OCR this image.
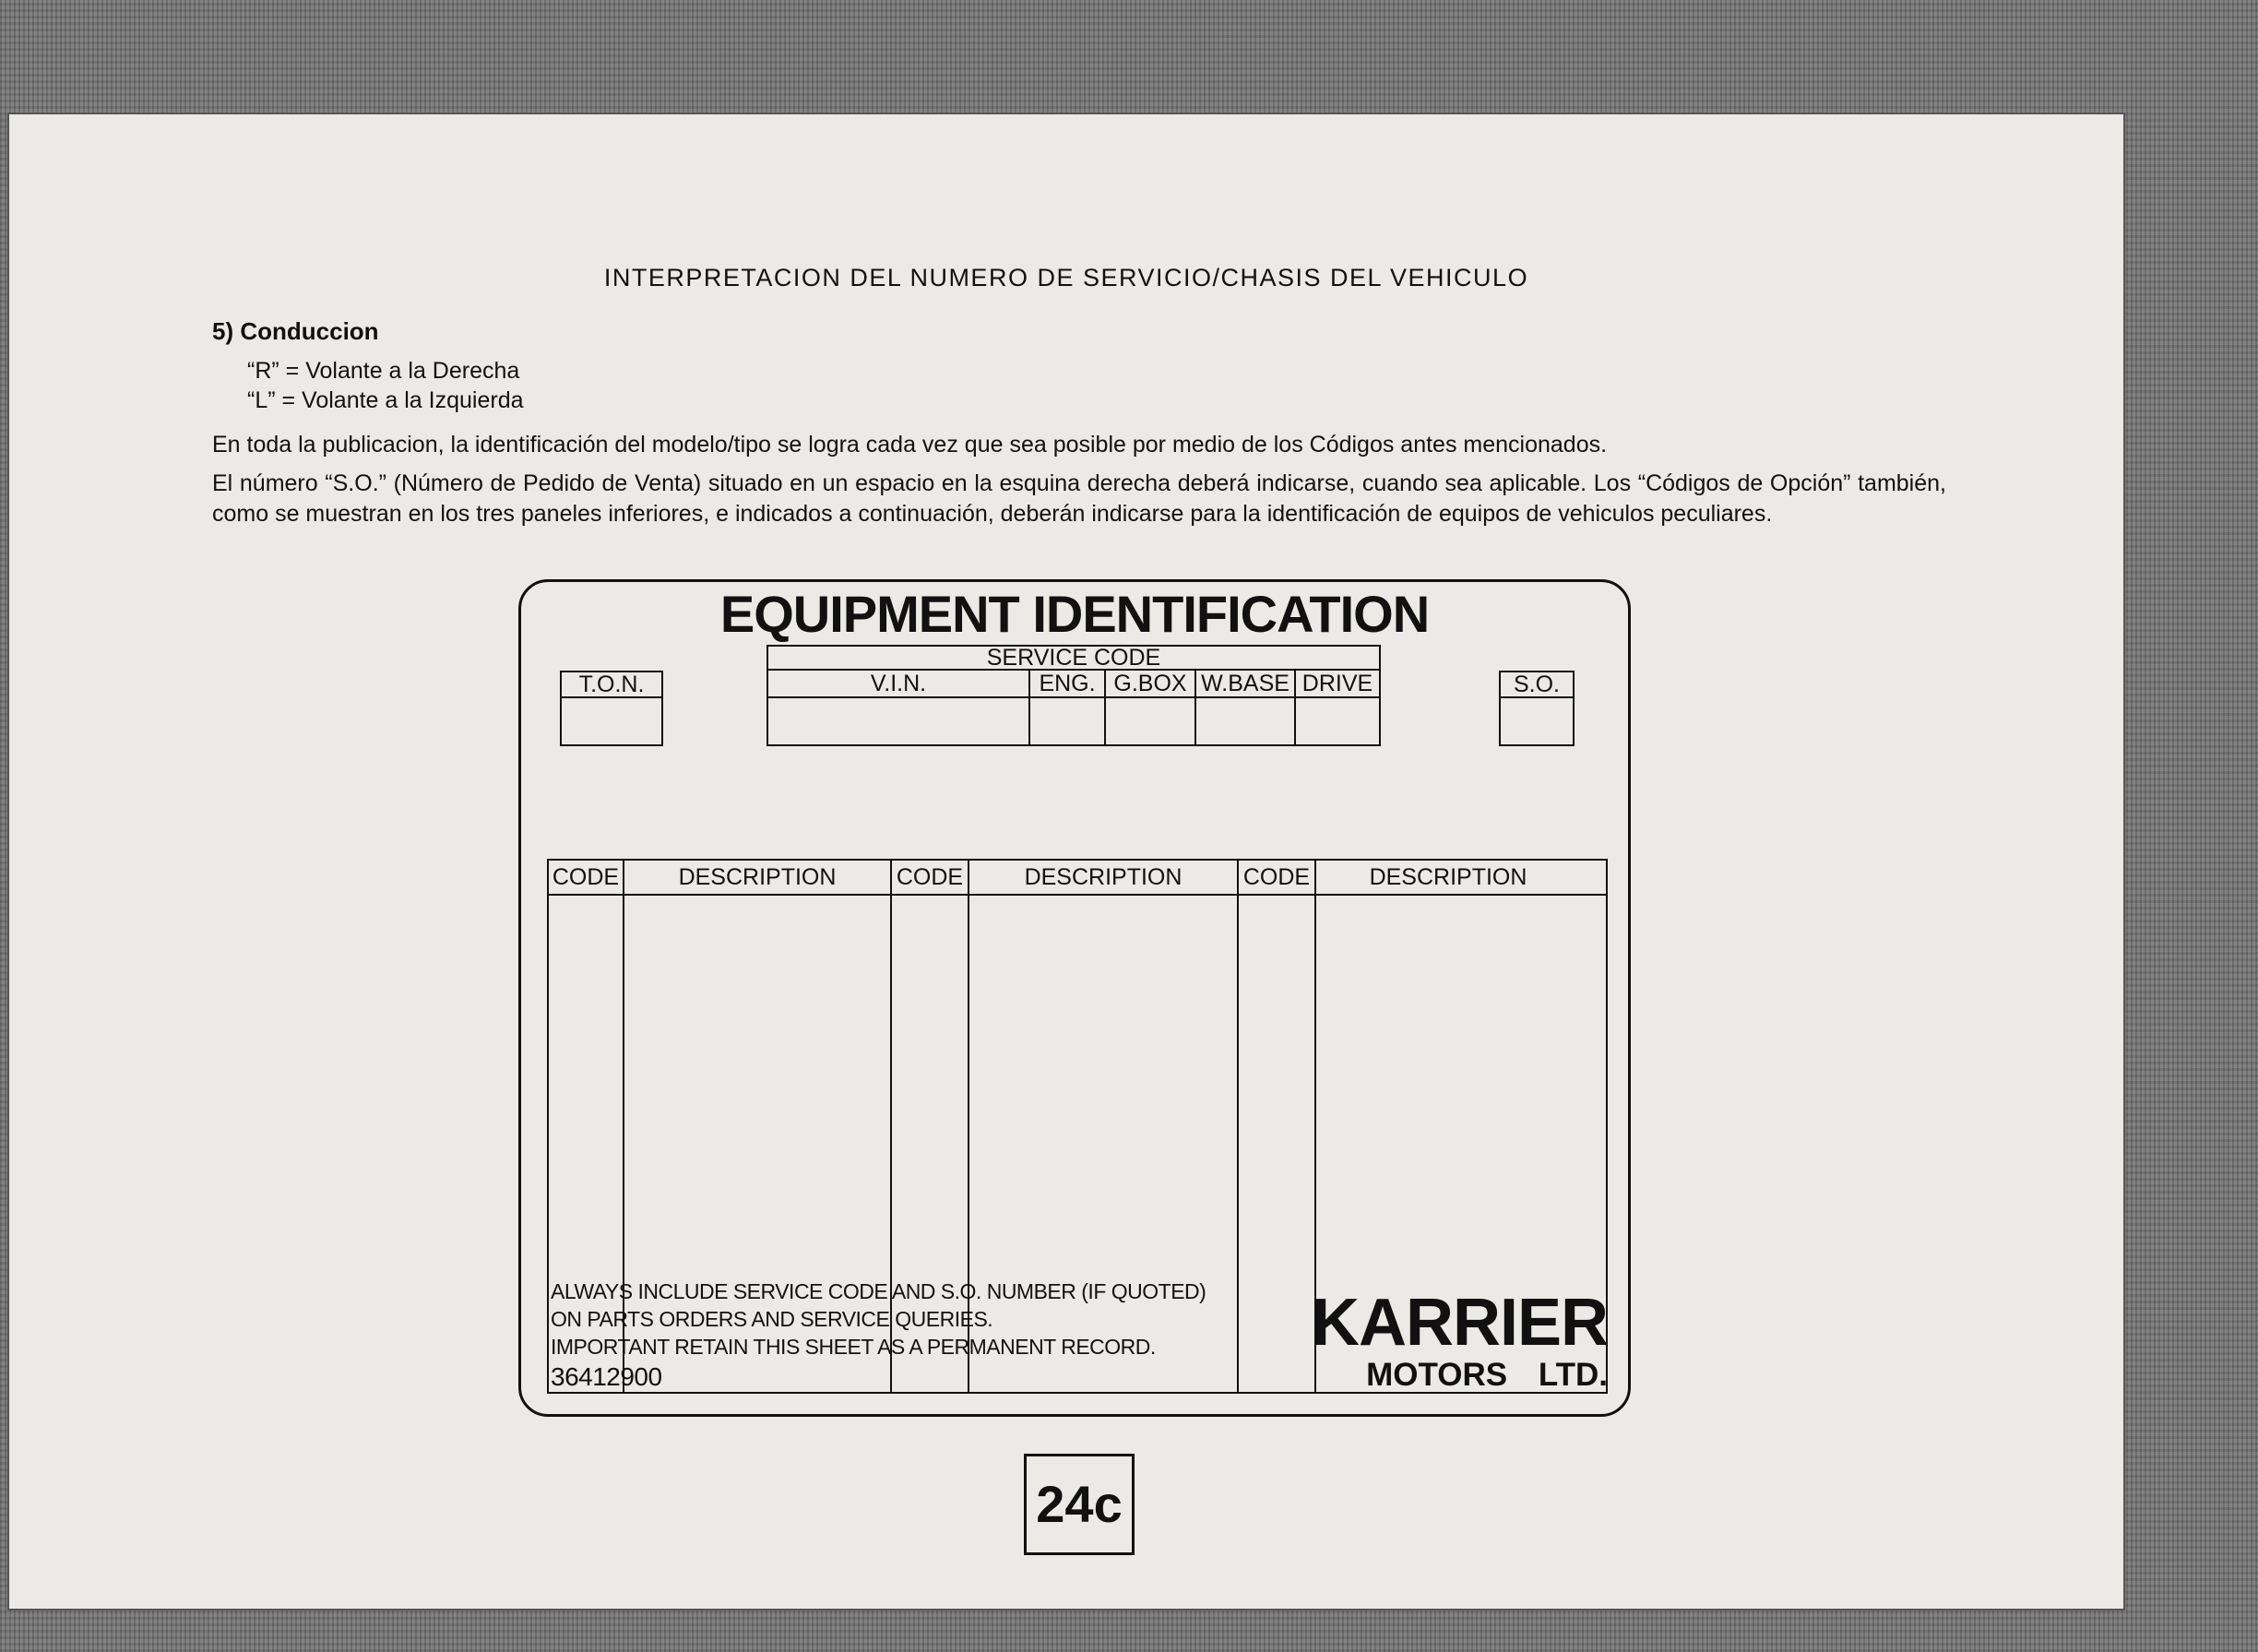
INTERPRETACION DEL NUMERO DE SERVICIO/CHASIS DEL VEHICULO
5) Conduccion
“R” = Volante a la Derecha
“L” = Volante a la Izquierda
En toda la publicacion, la identificación del modelo/tipo se logra cada vez que sea posible por medio de los Códigos antes mencionados.
El número “S.O.” (Número de Pedido de Venta) situado en un espacio en la esquina derecha deberá indicarse, cuando sea aplicable. Los “Códigos de Opción” también, como se muestran en los tres paneles inferiores, e indicados a continuación, deberán indicarse para la identificación de equipos de vehiculos peculiares.
EQUIPMENT IDENTIFICATION
T.O.N.
SERVICE CODE
V.I.N.	ENG. G.BOX W.BASE DRIVE	S.O.
CODE	DESCRIPTION	CODE	DESCRIPTION	CODE	DESCRIPTION
ALWAYS INCLUDE SERVICE CODE AND S.O. NUMBER (IF QUOTED)
ON PARTS ORDERS AND SERVICE QUERIES.
IMPORTANT RETAIN THIS SHEET AS A PERMANENT RECORD.
36412900
KARRIER
MOTORS LTD.
24c
